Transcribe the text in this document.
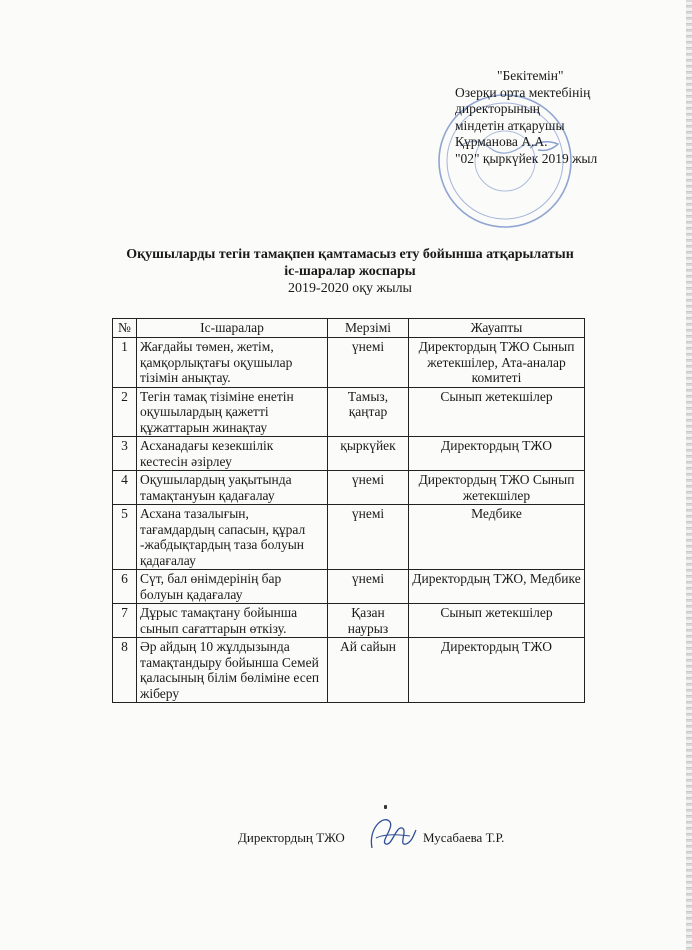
"Бекітемін"
Озерқи орта мектебінің
директорының
міндетін атқарушы
Құрманова А.А.
"02" қыркүйек 2019 жыл
Оқушыларды тегін тамақпен қамтамасыз ету бойынша атқарылатын
іс-шаралар жоспары
2019-2020 оқу жылы
№	Іс-шаралар	Мерзімі	Жауапты
1	Жағдайы төмен, жетім, қамқорлықтағы оқушылар тізімін анықтау.	үнемі	Директордың ТЖО Сынып жетекшілер, Ата-аналар комитеті
2	Тегін тамақ тізіміне енетін оқушылардың қажетті құжаттарын жинақтау	Тамыз, қаңтар	Сынып жетекшілер
3	Асханадағы кезекшілік кестесін әзірлеу	қыркүйек	Директордың ТЖО
4	Оқушылардың уақытында тамақтануын қадағалау	үнемі	Директордың ТЖО Сынып жетекшілер
5	Асхана тазалығын, тағамдардың сапасын, құрал -жабдықтардың таза болуын қадағалау	үнемі	Медбике
6	Сүт, бал өнімдерінің бар болуын қадағалау	үнемі	Директордың ТЖО, Медбике
7	Дұрыс тамақтану бойынша сынып сағаттарын өткізу.	Қазан наурыз	Сынып жетекшілер
8	Әр айдың 10 жұлдызында тамақтандыру бойынша Семей қаласының білім бөліміне есеп жіберу	Ай сайын	Директордың ТЖО
Директордың ТЖО	Мусабаева Т.Р.
